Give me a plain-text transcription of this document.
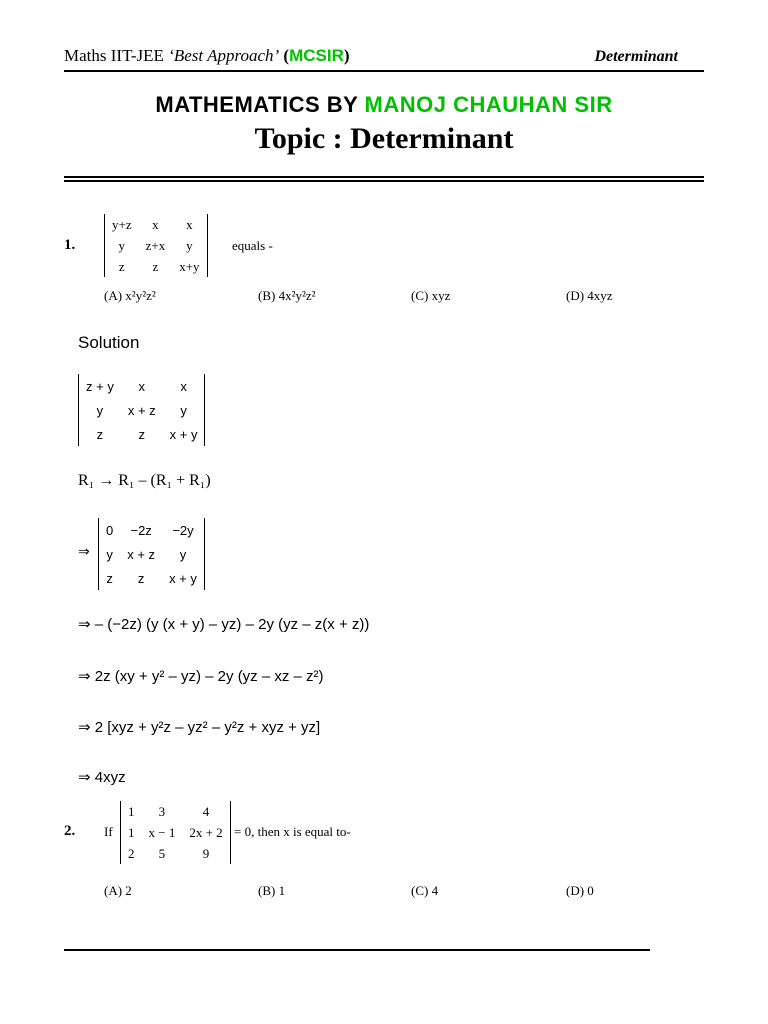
Maths IIT-JEE ‘Best Approach’ (MCSIR)	Determinant
MATHEMATICS BY MANOJ CHAUHAN SIR
Topic : Determinant
1.
y+z	x	x
y	z+x	y
z	z	x+y
equals -
(A) x²y²z²	(B) 4x²y²z²	(C) xyz	(D) 4xyz
Solution
z + y	x	x
y	x + z	y
z	z	x + y
R₁ → R₁ – (R₁ + R₁)
⇒
0	−2z	−2y
y	x + z	y
z	z	x + y
⇒ – (−2z) (y (x + y) – yz) – 2y (yz – z(x + z))
⇒ 2z (xy + y² – yz) – 2y (yz – xz – z²)
⇒ 2 [xyz + y²z – yz² – y²z + xyz + yz]
⇒ 4xyz
2. If
1	3	4
1	x − 1	2x + 2
2	5	9
= 0, then x is equal to-
(A) 2	(B) 1	(C) 4	(D) 0
